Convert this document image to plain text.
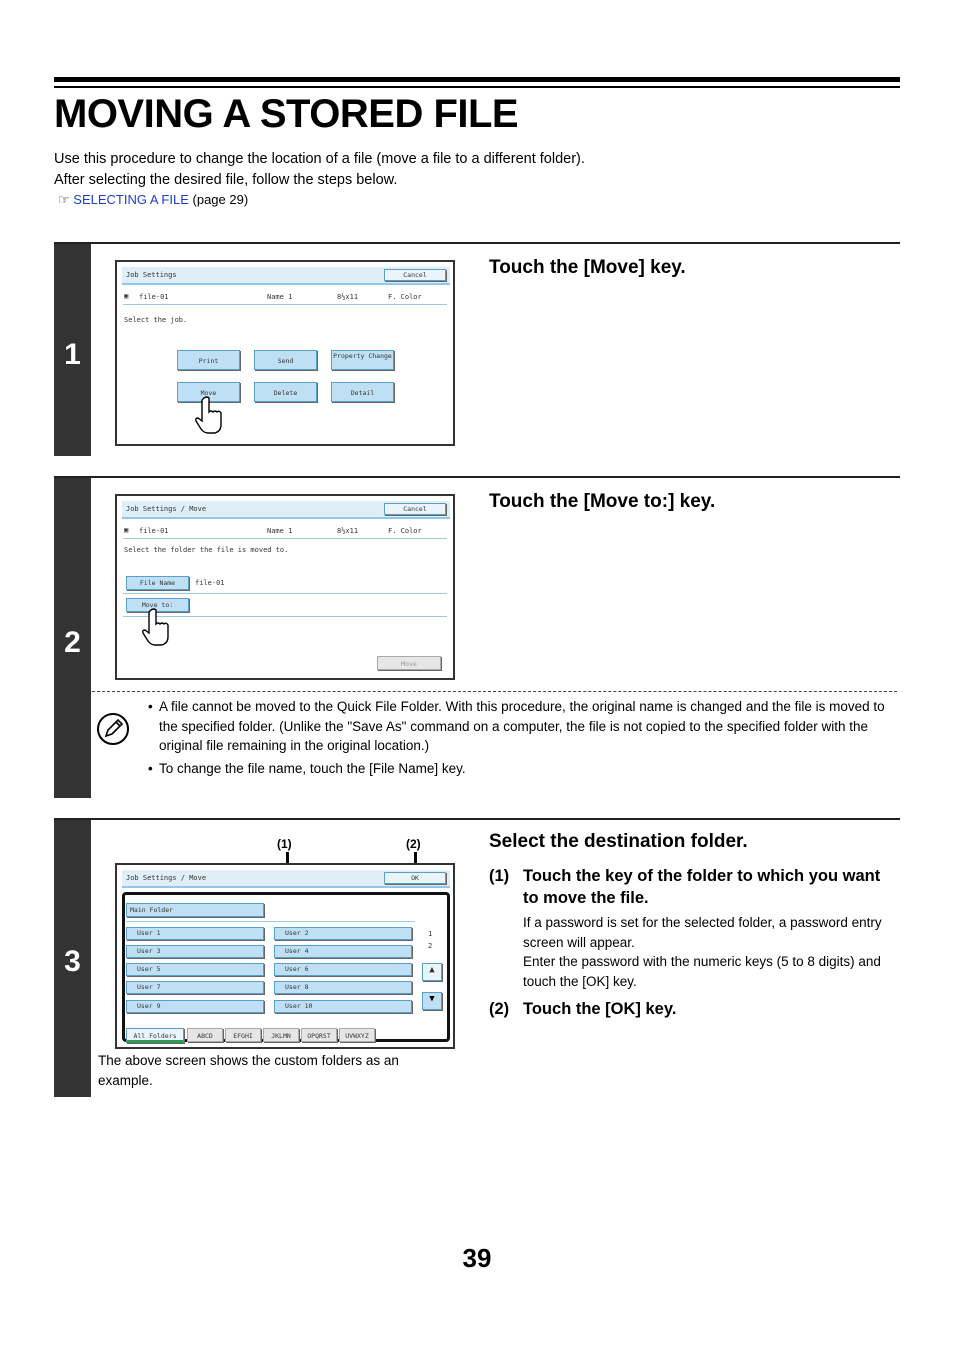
MOVING A STORED FILE
Use this procedure to change the location of a file (move a file to a different folder).
After selecting the desired file, follow the steps below.
☞ SELECTING A FILE (page 29)
1
Touch the [Move] key.
Job Settings	Cancel
▣ file-01	Name 1	8½x11	F. Color
Select the job.
Print	Send
Property Change
Move	Delete	Detail
2
Touch the [Move to:] key.
Job Settings / Move	Cancel
▣ file-01	Name 1	8½x11	F. Color
Select the folder the file is moved to.
File Name	file-01
Move to:
Move
• A file cannot be moved to the Quick File Folder. With this procedure, the original name is changed and the file is moved to the specified folder. (Unlike the "Save As" command on a computer, the file is not copied to the specified folder with the original file remaining in the original location.)
• To change the file name, touch the [File Name] key.
3
Select the destination folder.
(1)	(2)
Job Settings / Move	OK
Main Folder
User 1	User 2
User 3	User 4
User 5	User 6
User 7	User 8
User 9	User 10
1
2
▲
▼
All Folders	ABCD	EFGHI	JKLMN	OPQRST	UVWXYZ
The above screen shows the custom folders as an example.
(1) Touch the key of the folder to which you want to move the file.
If a password is set for the selected folder, a password entry screen will appear.
Enter the password with the numeric keys (5 to 8 digits) and touch the [OK] key.
(2) Touch the [OK] key.
39
